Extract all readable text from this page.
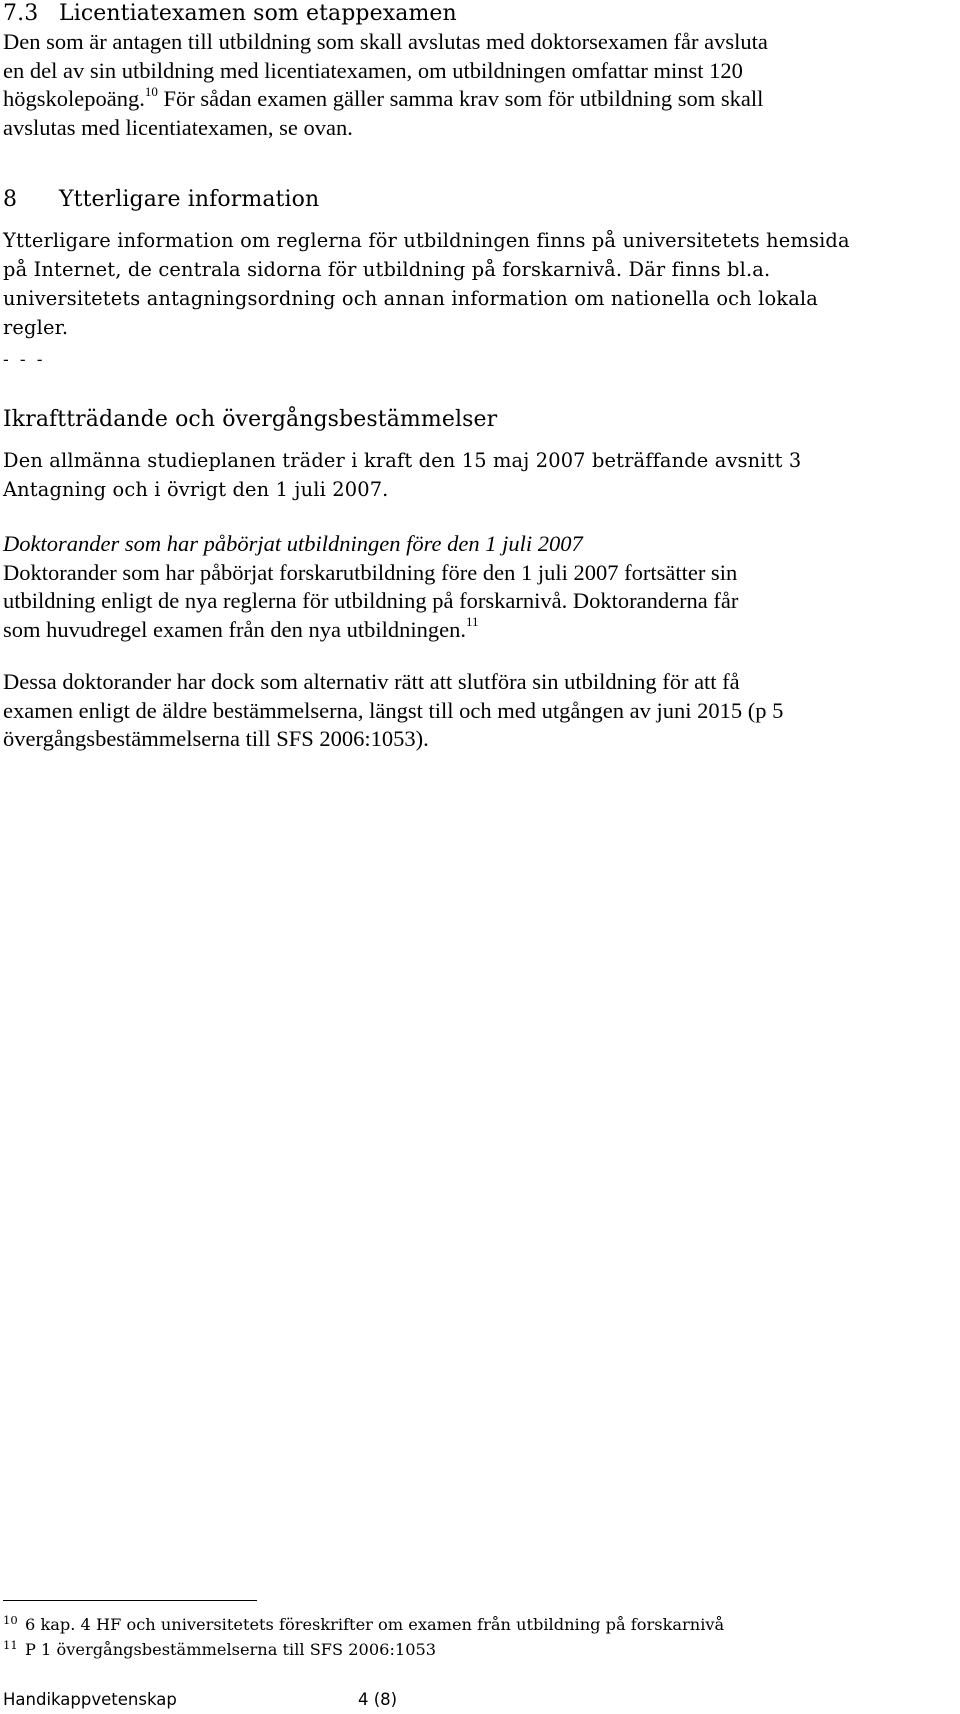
7.3 Licentiatexamen som etappexamen
Den som är antagen till utbildning som skall avslutas med doktorsexamen får avsluta
en del av sin utbildning med licentiatexamen, om utbildningen omfattar minst 120
högskolepoäng.$^{10}$ För sådan examen gäller samma krav som för utbildning som skall
avslutas med licentiatexamen, se ovan.
8 Ytterligare information
Ytterligare information om reglerna för utbildningen finns på universitetets hemsida
på Internet, de centrala sidorna för utbildning på forskarnivå. Där finns bl.a.
universitetets antagningsordning och annan information om nationella och lokala
regler.
- - -
Ikraftträdande och övergångsbestämmelser
Den allmänna studieplanen träder i kraft den 15 maj 2007 beträffande avsnitt 3
Antagning och i övrigt den 1 juli 2007.
Doktorander som har påbörjat utbildningen före den 1 juli 2007
Doktorander som har påbörjat forskarutbildning före den 1 juli 2007 fortsätter sin
utbildning enligt de nya reglerna för utbildning på forskarnivå. Doktoranderna får
som huvudregel examen från den nya utbildningen.$^{11}$
Dessa doktorander har dock som alternativ rätt att slutföra sin utbildning för att få
examen enligt de äldre bestämmelserna, längst till och med utgången av juni 2015 (p 5
övergångsbestämmelserna till SFS 2006:1053).
10 6 kap. 4 HF och universitetets föreskrifter om examen från utbildning på forskarnivå
11 P 1 övergångsbestämmelserna till SFS 2006:1053
Handikappvetenskap	4 (8)
